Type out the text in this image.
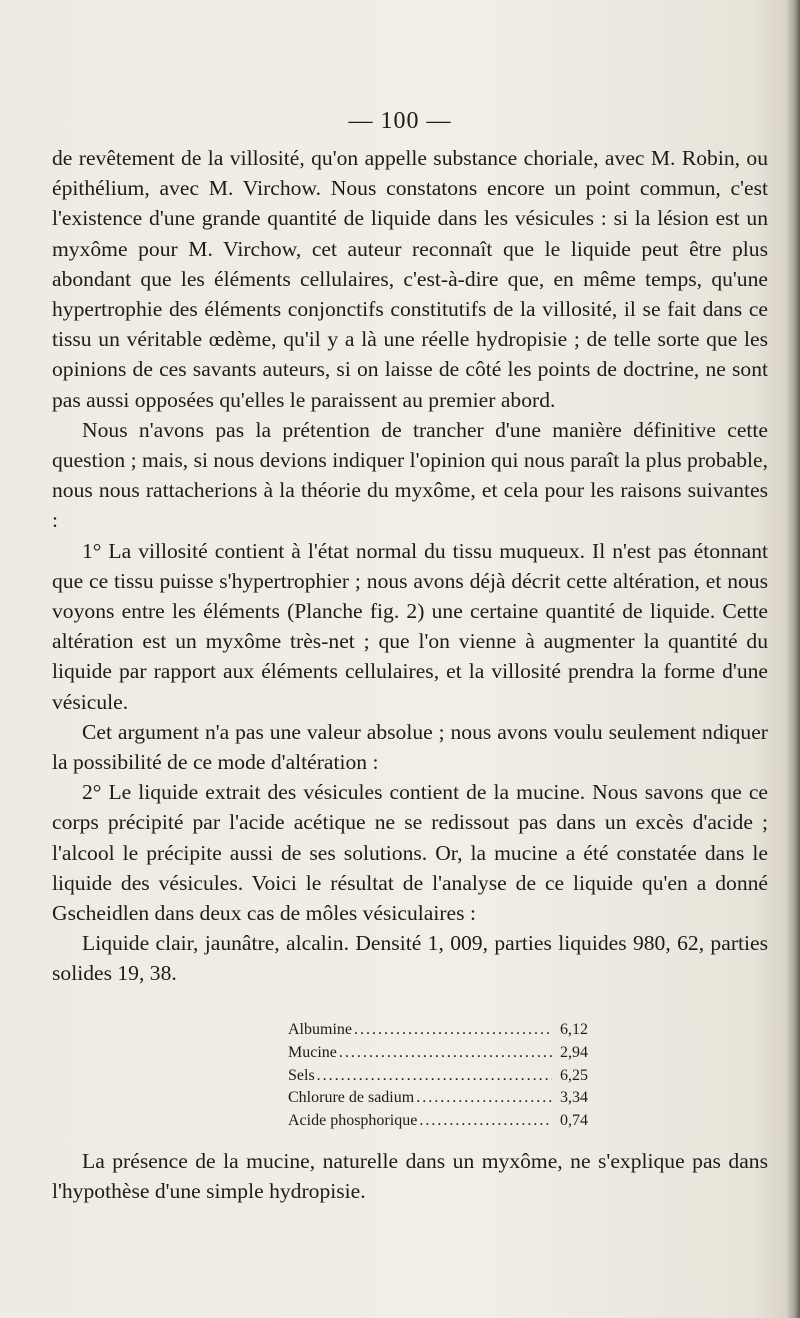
— 100 —

de revêtement de la villosité, qu'on appelle substance choriale, avec M. Robin, ou épithélium, avec M. Virchow. Nous constatons encore un point commun, c'est l'existence d'une grande quantité de liquide dans les vésicules : si la lésion est un myxôme pour M. Virchow, cet auteur reconnaît que le liquide peut être plus abondant que les éléments cellulaires, c'est-à-dire que, en même temps, qu'une hypertrophie des éléments conjonctifs constitutifs de la villosité, il se fait dans ce tissu un véritable œdème, qu'il y a là une réelle hydropisie ; de telle sorte que les opinions de ces savants auteurs, si on laisse de côté les points de doctrine, ne sont pas aussi opposées qu'elles le paraissent au premier abord.

Nous n'avons pas la prétention de trancher d'une manière définitive cette question ; mais, si nous devions indiquer l'opinion qui nous paraît la plus probable, nous nous rattacherions à la théorie du myxôme, et cela pour les raisons suivantes :

1° La villosité contient à l'état normal du tissu muqueux. Il n'est pas étonnant que ce tissu puisse s'hypertrophier ; nous avons déjà décrit cette altération, et nous voyons entre les éléments (Planche fig. 2) une certaine quantité de liquide. Cette altération est un myxôme très-net ; que l'on vienne à augmenter la quantité du liquide par rapport aux éléments cellulaires, et la villosité prendra la forme d'une vésicule.

Cet argument n'a pas une valeur absolue ; nous avons voulu seulement ndiquer la possibilité de ce mode d'altération :

2° Le liquide extrait des vésicules contient de la mucine. Nous savons que ce corps précipité par l'acide acétique ne se redissout pas dans un excès d'acide ; l'alcool le précipite aussi de ses solutions. Or, la mucine a été constatée dans le liquide des vésicules. Voici le résultat de l'analyse de ce liquide qu'en a donné Gscheidlen dans deux cas de môles vésiculaires :

Liquide clair, jaunâtre, alcalin. Densité 1, 009, parties liquides 980, 62, parties solides 19, 38.

Albumine .....	6,12
Mucine .....	2,94
Sels .....	6,25
Chlorure de sadium .....	3,34
Acide phosphorique .....	0,74

La présence de la mucine, naturelle dans un myxôme, ne s'explique pas dans l'hypothèse d'une simple hydropisie.
